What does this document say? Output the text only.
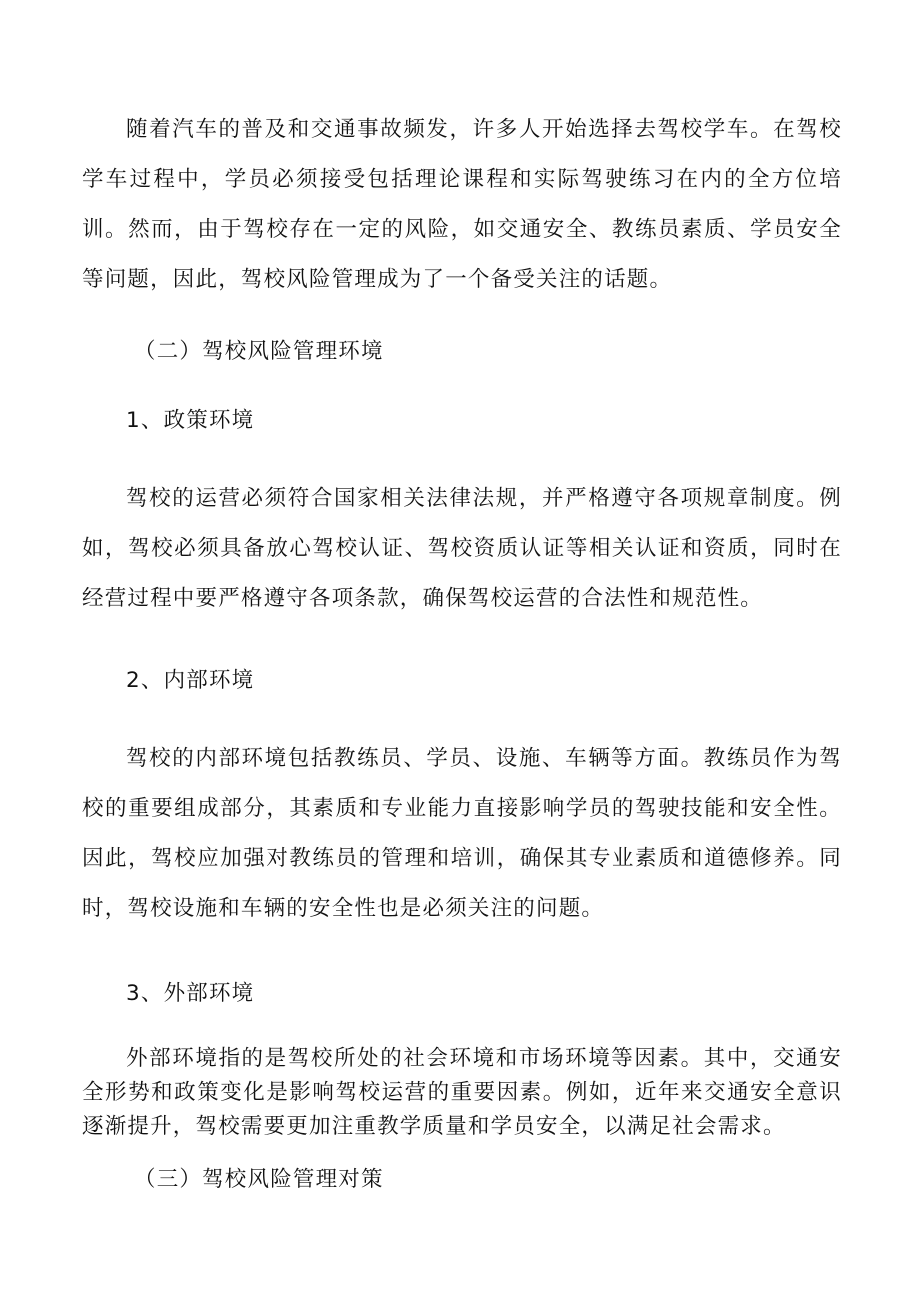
随着汽车的普及和交通事故频发，许多人开始选择去驾校学车。在驾校学车过程中，学员必须接受包括理论课程和实际驾驶练习在内的全方位培训。然而，由于驾校存在一定的风险，如交通安全、教练员素质、学员安全等问题，因此，驾校风险管理成为了一个备受关注的话题。

（二）驾校风险管理环境
1、政策环境

驾校的运营必须符合国家相关法律法规，并严格遵守各项规章制度。例如，驾校必须具备放心驾校认证、驾校资质认证等相关认证和资质，同时在经营过程中要严格遵守各项条款，确保驾校运营的合法性和规范性。

2、内部环境

驾校的内部环境包括教练员、学员、设施、车辆等方面。教练员作为驾校的重要组成部分，其素质和专业能力直接影响学员的驾驶技能和安全性。因此，驾校应加强对教练员的管理和培训，确保其专业素质和道德修养。同时，驾校设施和车辆的安全性也是必须关注的问题。

3、外部环境

外部环境指的是驾校所处的社会环境和市场环境等因素。其中，交通安全形势和政策变化是影响驾校运营的重要因素。例如，近年来交通安全意识逐渐提升，驾校需要更加注重教学质量和学员安全，以满足社会需求。

（三）驾校风险管理对策
